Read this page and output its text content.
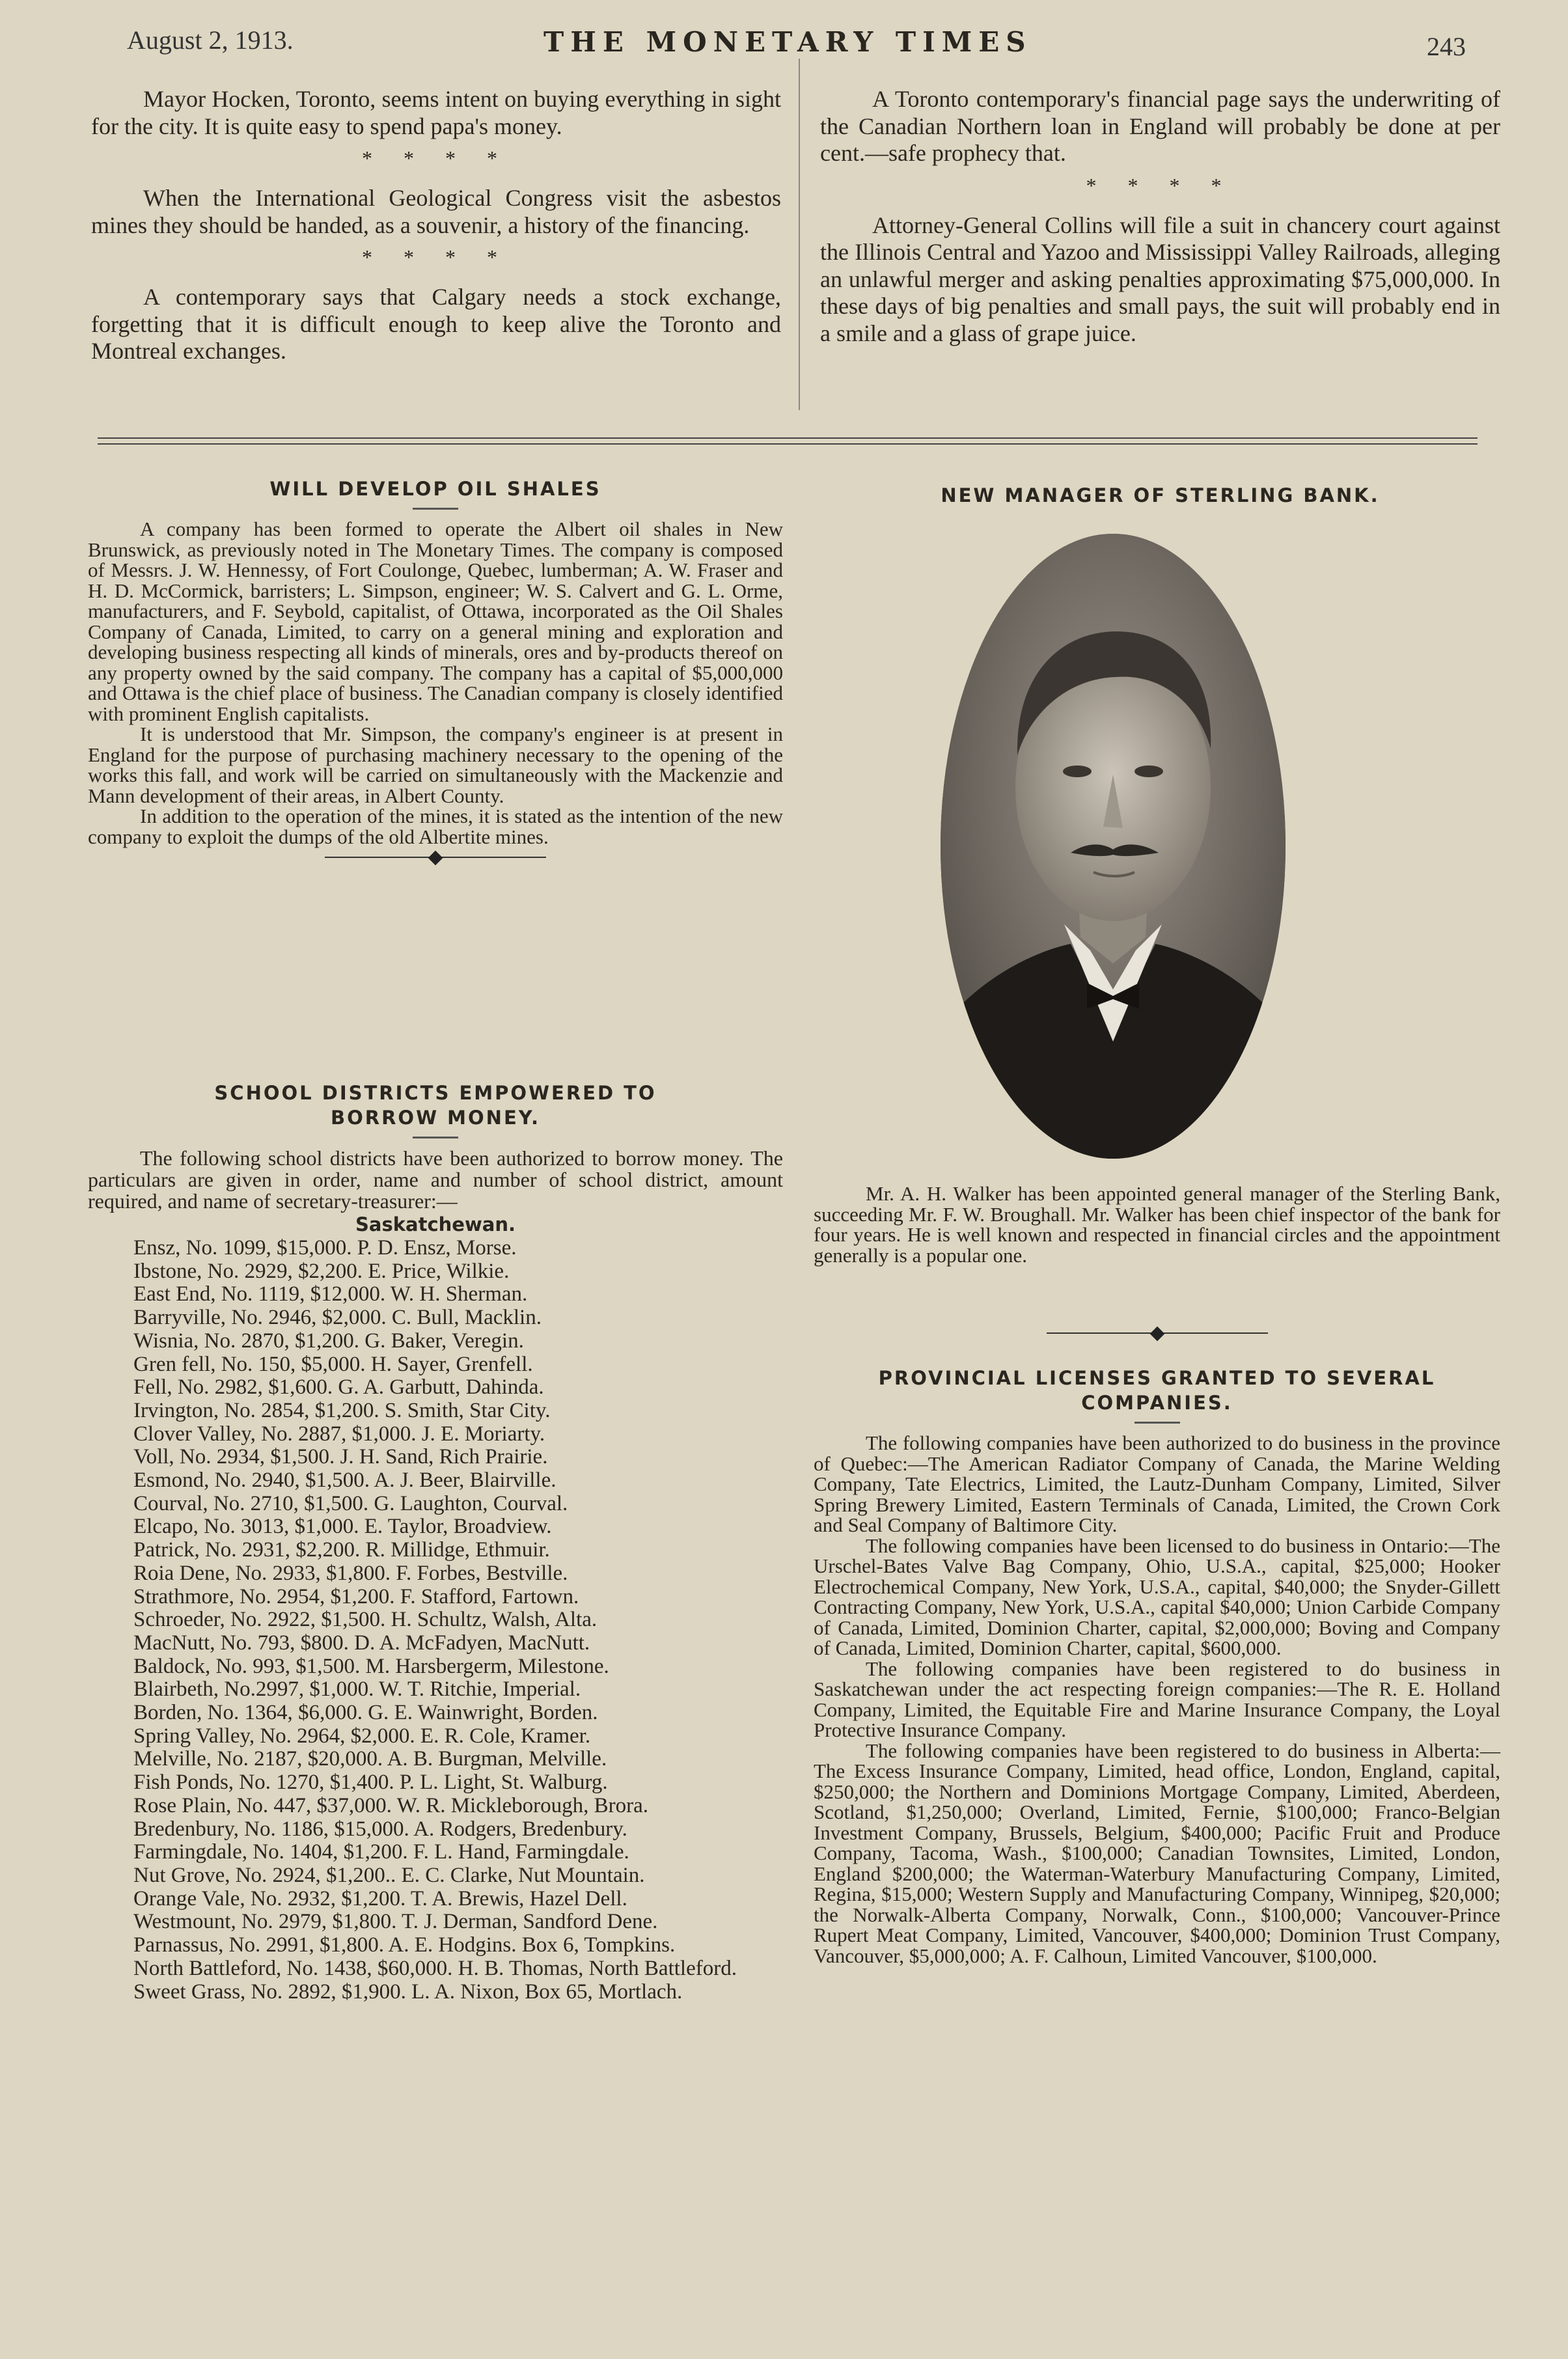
August 2, 1913.	THE MONETARY TIMES	243

Mayor Hocken, Toronto, seems intent on buying everything in sight for the city. It is quite easy to spend papa's money.

* * * *

When the International Geological Congress visit the asbestos mines they should be handed, as a souvenir, a history of the financing.

* * * *

A contemporary says that Calgary needs a stock exchange, forgetting that it is difficult enough to keep alive the Toronto and Montreal exchanges.

A Toronto contemporary's financial page says the underwriting of the Canadian Northern loan in England will probably be done at per cent.—safe prophecy that.

* * * *

Attorney-General Collins will file a suit in chancery court against the Illinois Central and Yazoo and Mississippi Valley Railroads, alleging an unlawful merger and asking penalties approximating $75,000,000. In these days of big penalties and small pays, the suit will probably end in a smile and a glass of grape juice.

WILL DEVELOP OIL SHALES

A company has been formed to operate the Albert oil shales in New Brunswick, as previously noted in The Monetary Times. The company is composed of Messrs. J. W. Hennessy, of Fort Coulonge, Quebec, lumberman; A. W. Fraser and H. D. McCormick, barristers; L. Simpson, engineer; W. S. Calvert and G. L. Orme, manufacturers, and F. Seybold, capitalist, of Ottawa, incorporated as the Oil Shales Company of Canada, Limited, to carry on a general mining and exploration and developing business respecting all kinds of minerals, ores and by-products thereof on any property owned by the said company. The company has a capital of $5,000,000 and Ottawa is the chief place of business. The Canadian company is closely identified with prominent English capitalists.

It is understood that Mr. Simpson, the company's engineer is at present in England for the purpose of purchasing machinery necessary to the opening of the works this fall, and work will be carried on simultaneously with the Mackenzie and Mann development of their areas, in Albert County.

In addition to the operation of the mines, it is stated as the intention of the new company to exploit the dumps of the old Albertite mines.

SCHOOL DISTRICTS EMPOWERED TO BORROW MONEY.

The following school districts have been authorized to borrow money. The particulars are given in order, name and number of school district, amount required, and name of secretary-treasurer:—

Saskatchewan.

Ensz, No. 1099, $15,000. P. D. Ensz, Morse.

Ibstone, No. 2929, $2,200. E. Price, Wilkie.

East End, No. 1119, $12,000. W. H. Sherman.

Barryville, No. 2946, $2,000. C. Bull, Macklin.

Wisnia, No. 2870, $1,200. G. Baker, Veregin.

Gren fell, No. 150, $5,000. H. Sayer, Grenfell.

Fell, No. 2982, $1,600. G. A. Garbutt, Dahinda.

Irvington, No. 2854, $1,200. S. Smith, Star City.

Clover Valley, No. 2887, $1,000. J. E. Moriarty.

Voll, No. 2934, $1,500. J. H. Sand, Rich Prairie.

Esmond, No. 2940, $1,500. A. J. Beer, Blairville.

Courval, No. 2710, $1,500. G. Laughton, Courval.

Elcapo, No. 3013, $1,000. E. Taylor, Broadview.

Patrick, No. 2931, $2,200. R. Millidge, Ethmuir.

Roia Dene, No. 2933, $1,800. F. Forbes, Bestville.

Strathmore, No. 2954, $1,200. F. Stafford, Fartown.

Schroeder, No. 2922, $1,500. H. Schultz, Walsh, Alta.

MacNutt, No. 793, $800. D. A. McFadyen, MacNutt.

Baldock, No. 993, $1,500. M. Harsbergerm, Milestone.

Blairbeth, No.2997, $1,000. W. T. Ritchie, Imperial.

Borden, No. 1364, $6,000. G. E. Wainwright, Borden.

Spring Valley, No. 2964, $2,000. E. R. Cole, Kramer.

Melville, No. 2187, $20,000. A. B. Burgman, Melville.

Fish Ponds, No. 1270, $1,400. P. L. Light, St. Walburg.

Rose Plain, No. 447, $37,000. W. R. Mickleborough, Brora.

Bredenbury, No. 1186, $15,000. A. Rodgers, Bredenbury.

Farmingdale, No. 1404, $1,200. F. L. Hand, Farmingdale.

Nut Grove, No. 2924, $1,200.. E. C. Clarke, Nut Mountain.

Orange Vale, No. 2932, $1,200. T. A. Brewis, Hazel Dell.

Westmount, No. 2979, $1,800. T. J. Derman, Sandford Dene.

Parnassus, No. 2991, $1,800. A. E. Hodgins. Box 6, Tompkins.

North Battleford, No. 1438, $60,000. H. B. Thomas, North Battleford.

Sweet Grass, No. 2892, $1,900. L. A. Nixon, Box 65, Mortlach.

NEW MANAGER OF STERLING BANK.

Mr. A. H. Walker has been appointed general manager of the Sterling Bank, succeeding Mr. F. W. Broughall. Mr. Walker has been chief inspector of the bank for four years. He is well known and respected in financial circles and the appointment generally is a popular one.

PROVINCIAL LICENSES GRANTED TO SEVERAL COMPANIES.

The following companies have been authorized to do business in the province of Quebec:—The American Radiator Company of Canada, the Marine Welding Company, Tate Electrics, Limited, the Lautz-Dunham Company, Limited, Silver Spring Brewery Limited, Eastern Terminals of Canada, Limited, the Crown Cork and Seal Company of Baltimore City.

The following companies have been licensed to do business in Ontario:—The Urschel-Bates Valve Bag Company, Ohio, U.S.A., capital, $25,000; Hooker Electrochemical Company, New York, U.S.A., capital, $40,000; the Snyder-Gillett Contracting Company, New York, U.S.A., capital $40,000; Union Carbide Company of Canada, Limited, Dominion Charter, capital, $2,000,000; Boving and Company of Canada, Limited, Dominion Charter, capital, $600,000.

The following companies have been registered to do business in Saskatchewan under the act respecting foreign companies:—The R. E. Holland Company, Limited, the Equitable Fire and Marine Insurance Company, the Loyal Protective Insurance Company.

The following companies have been registered to do business in Alberta:—The Excess Insurance Company, Limited, head office, London, England, capital, $250,000; the Northern and Dominions Mortgage Company, Limited, Aberdeen, Scotland, $1,250,000; Overland, Limited, Fernie, $100,000; Franco-Belgian Investment Company, Brussels, Belgium, $400,000; Pacific Fruit and Produce Company, Tacoma, Wash., $100,000; Canadian Townsites, Limited, London, England $200,000; the Waterman-Waterbury Manufacturing Company, Limited, Regina, $15,000; Western Supply and Manufacturing Company, Winnipeg, $20,000; the Norwalk-Alberta Company, Norwalk, Conn., $100,000; Vancouver-Prince Rupert Meat Company, Limited, Vancouver, $400,000; Dominion Trust Company, Vancouver, $5,000,000; A. F. Calhoun, Limited Vancouver, $100,000.
